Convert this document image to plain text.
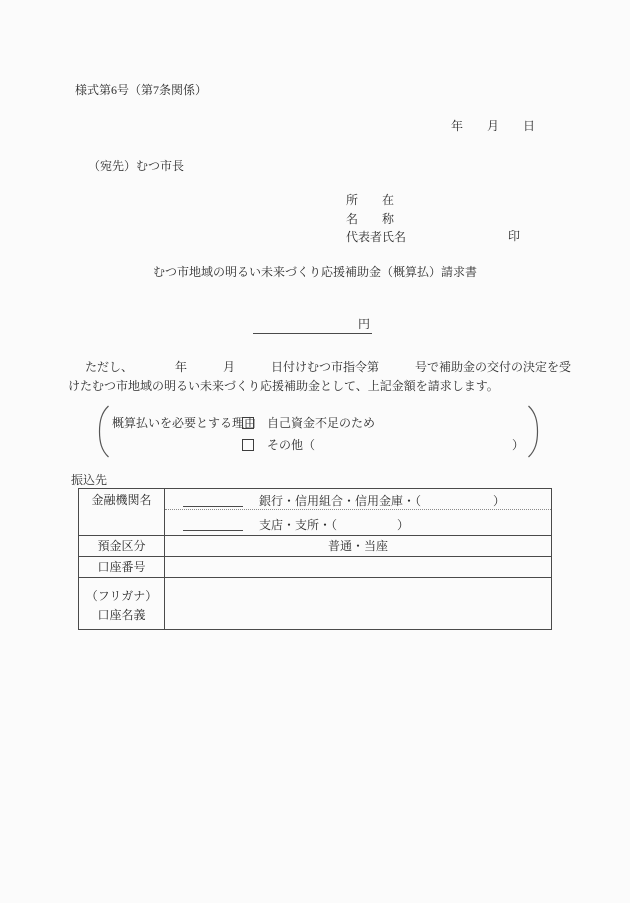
様式第6号（第7条関係）
年　　月　　日
（宛先）むつ市長
所　　在
名　　称
代表者氏名	印
むつ市地域の明るい未来づくり応援補助金（概算払）請求書
円
ただし、　　　　年　　　月　　　日付けむつ市指令第　　　号で補助金の交付の決定を受
けたむつ市地域の明るい未来づくり応援補助金として、上記金額を請求します。
概算払いを必要とする理由 自己資金不足のため
その他（	）
振込先
金融機関名	銀行・信用組合・信用金庫・（　　　　　　）
支店・支所・（　　　　　）

預金区分	普通・当座
口座番号	

（フリガナ）
口座名義	
